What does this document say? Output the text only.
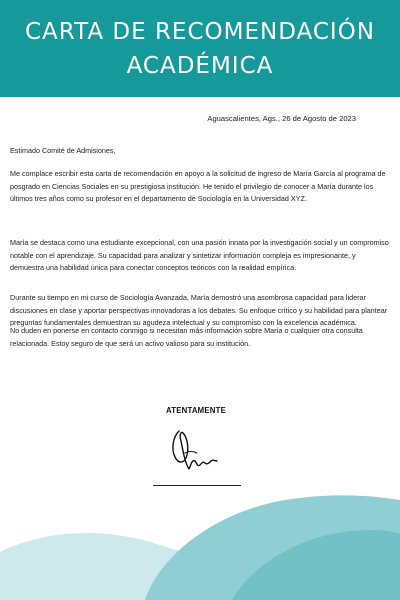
CARTA DE RECOMENDACIÓN
ACADÉMICA
Aguascalientes, Ags., 26 de Agosto de 2023

Estimado Comité de Admisiones,

Me complace escribir esta carta de recomendación en apoyo a la solicitud de ingreso de María García al programa de posgrado en Ciencias Sociales en su prestigiosa institución. He tenido el privilegio de conocer a María durante los últimos tres años como su profesor en el departamento de Sociología en la Universidad XYZ.

María se destaca como una estudiante excepcional, con una pasión innata por la investigación social y un compromiso notable con el aprendizaje. Su capacidad para analizar y sintetizar información compleja es impresionante, y demuestra una habilidad única para conectar conceptos teóricos con la realidad empírica.

Durante su tiempo en mi curso de Sociología Avanzada, María demostró una asombrosa capacidad para liderar discusiones en clase y aportar perspectivas innovadoras a los debates. Su enfoque crítico y su habilidad para plantear preguntas fundamentales demuestran su agudeza intelectual y su compromiso con la excelencia académica.

No duden en ponerse en contacto conmigo si necesitan más información sobre María o cualquier otra consulta relacionada. Estoy seguro de que será un activo valioso para su institución.

ATENTAMENTE
